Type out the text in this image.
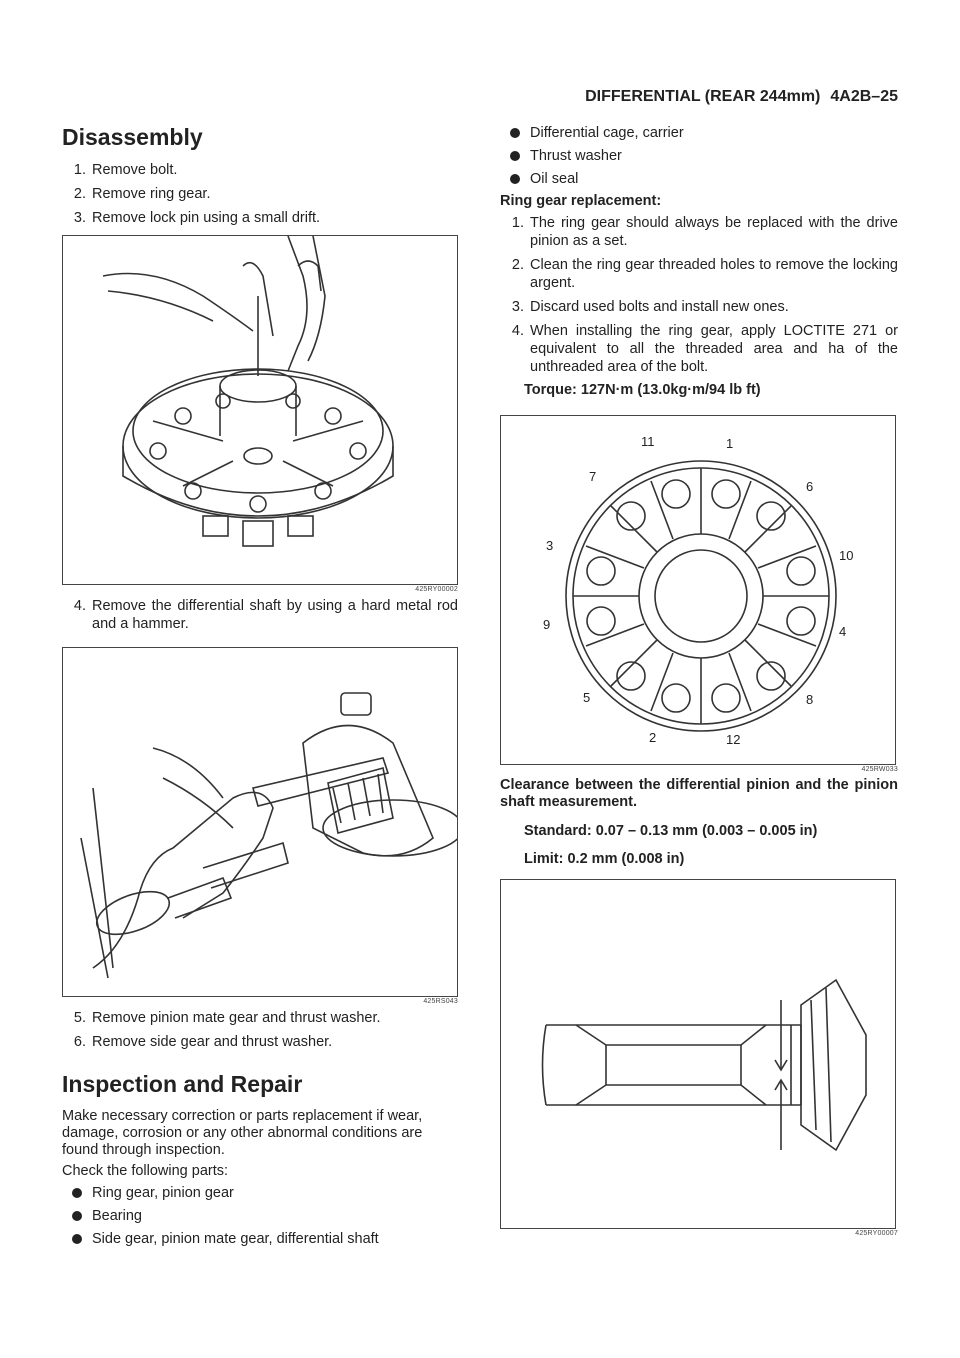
DIFFERENTIAL (REAR 244mm) 4A2B–25
Disassembly
1. Remove bolt.
2. Remove ring gear.
3. Remove lock pin using a small drift.
425RY00002
4. Remove the differential shaft by using a hard metal rod and a hammer.
425RS043
5. Remove pinion mate gear and thrust washer.
6. Remove side gear and thrust washer.
Inspection and Repair
Make necessary correction or parts replacement if wear, damage, corrosion or any other abnormal conditions are found through inspection.
Check the following parts:
Ring gear, pinion gear
Bearing
Side gear, pinion mate gear, differential shaft
Differential cage, carrier
Thrust washer
Oil seal
Ring gear replacement:
1. The ring gear should always be replaced with the drive pinion as a set.
2. Clean the ring gear threaded holes to remove the locking argent.
3. Discard used bolts and install new ones.
4. When installing the ring gear, apply LOCTITE 271 or equivalent to all the threaded area and ha of the unthreaded area of the bolt.
Torque: 127N·m (13.0kg·m/94 lb ft)
11	1
7
6
3
10
9	4
5	8
2	12
425RW033
Clearance between the differential pinion and the pinion shaft measurement.
Standard: 0.07 – 0.13 mm (0.003 – 0.005 in)
Limit: 0.2 mm (0.008 in)
425RY00007
